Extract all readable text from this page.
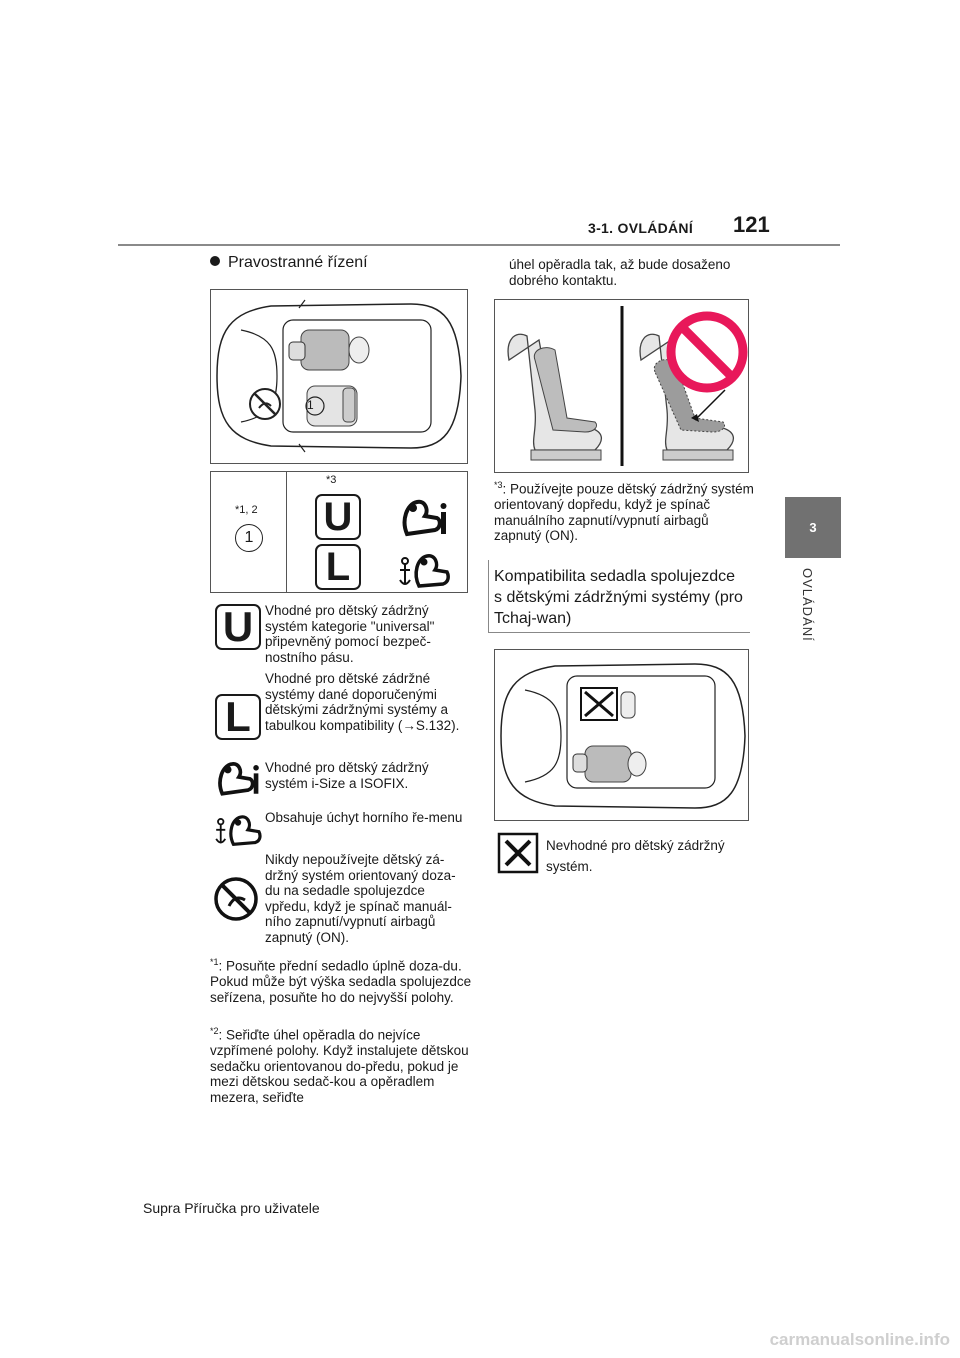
3-1. OVLÁDÁNÍ 121
3
OVLÁDÁNÍ
Pravostranné řízení
1
*1, 2
1
*3
U
L
U Vhodné pro dětský zádržný systém kategorie "universal" připevněný pomocí bezpeč-nostního pásu.
L
Vhodné pro dětské zádržné systémy dané doporučenými dětskými zádržnými systémy a tabulkou kompatibility (→S.132).
Vhodné pro dětský zádržný systém i-Size a ISOFIX.
Obsahuje úchyt horního ře-menu
Nikdy nepoužívejte dětský zá-držný systém orientovaný doza-du na sedadle spolujezdce vpředu, když je spínač manuál-ního zapnutí/vypnutí airbagů zapnutý (ON).
$^{*1}$: Posuňte přední sedadlo úplně doza-du. Pokud může být výška sedadla spolujezdce seřízena, posuňte ho do nejvyšší polohy.
$^{*2}$: Seřiďte úhel opěradla do nejvíce vzpřímené polohy. Když instalujete dětskou sedačku orientovanou do-předu, pokud je mezi dětskou sedač-kou a opěradlem mezera, seřiďte
úhel opěradla tak, až bude dosaženo dobrého kontaktu.
$^{*3}$: Používejte pouze dětský zádržný systém orientovaný dopředu, když je spínač manuálního zapnutí/vypnutí airbagů zapnutý (ON).
Kompatibilita sedadla spolujezdce s dětskými zádržnými systémy (pro Tchaj-wan)
Nevhodné pro dětský zádržný systém.
Supra Příručka pro uživatele
carmanualsonline.info
